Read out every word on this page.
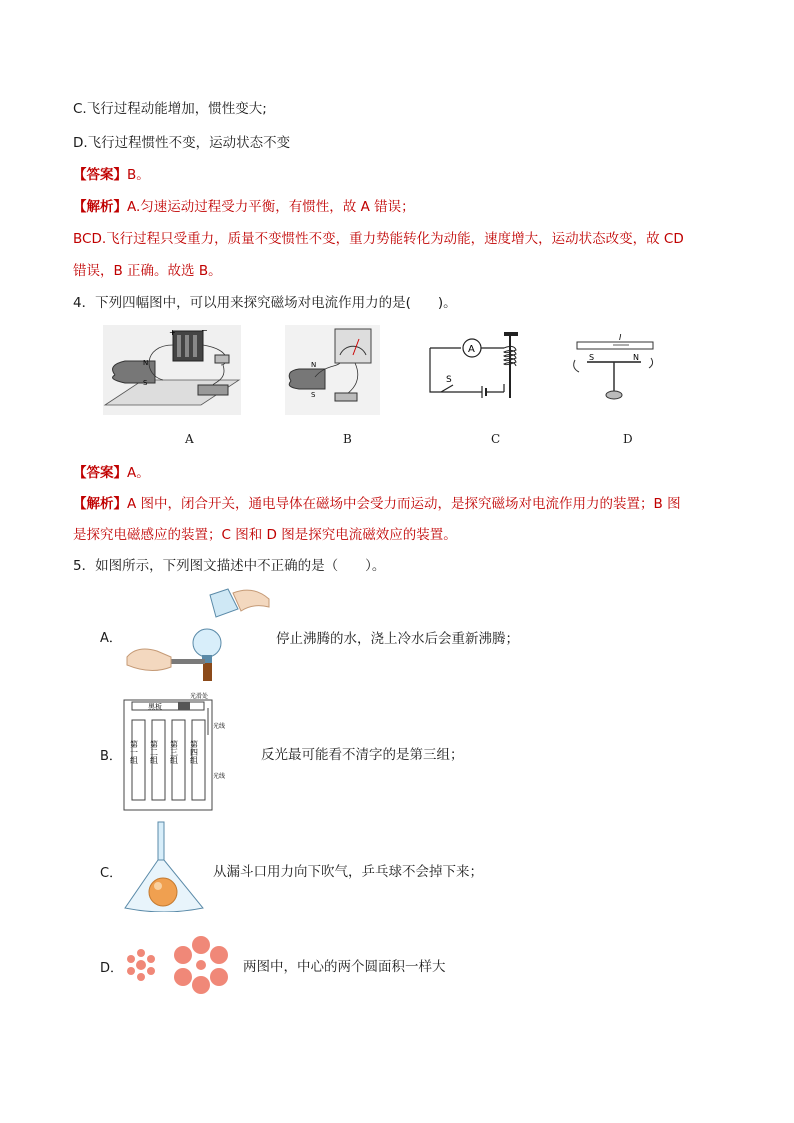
C.飞行过程动能增加，惯性变大;
D.飞行过程惯性不变，运动状态不变
【答案】B。
【解析】A.匀速运动过程受力平衡，有惯性，故 A 错误；
BCD.飞行过程只受重力，质量不变惯性不变，重力势能转化为动能，速度增大，运动状态改变，故 CD
错误，B 正确。故选 B。
4．下列四幅图中，可以用来探究磁场对电流作用力的是(　　)。
+	−
N
S
A
N
S
B
A
S
C
I
S	N
D
【答案】A。
【解析】A 图中，闭合开关，通电导体在磁场中会受力而运动，是探究磁场对电流作用力的装置；B 图
是探究电磁感应的装置；C 图和 D 图是探究电流磁效应的装置。
5．如图所示，下列图文描述中不正确的是（　　）。
A．	停止沸腾的水，浇上冷水后会重新沸腾；
B．
黑板
光滑处
光线
光线
第一组 第二组 第三组 第四组	反光最可能看不清字的是第三组；
C．	从漏斗口用力向下吹气，乒乓球不会掉下来；
D．	两图中，中心的两个圆面积一样大
